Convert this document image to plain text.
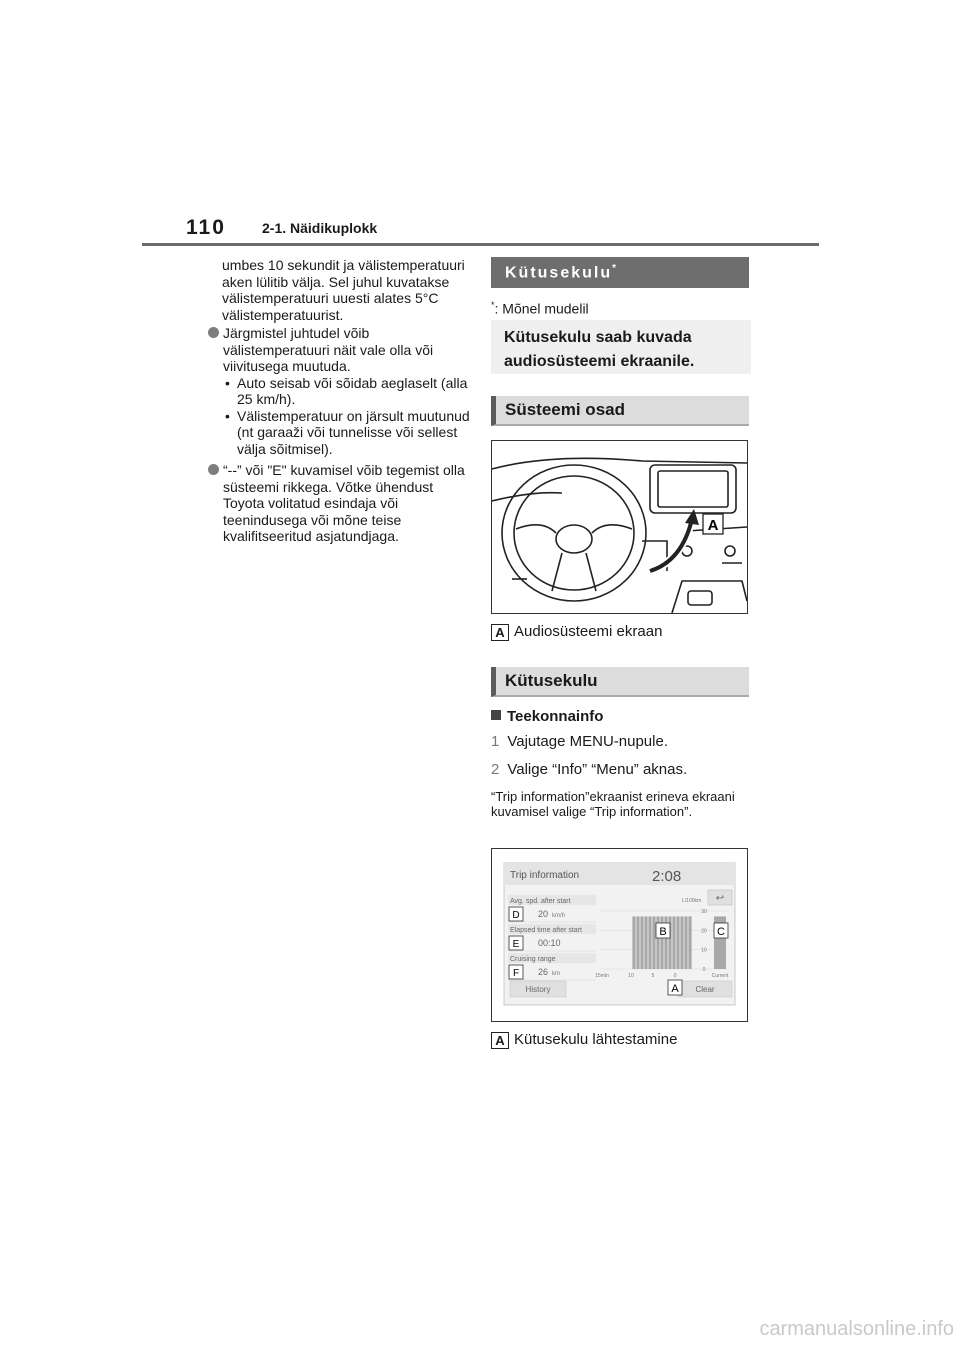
110	2-1. Näidikuplokk
umbes 10 sekundit ja välistemperatuuri aken lülitib välja. Sel juhul kuvatakse välistemperatuuri uuesti alates 5°C välistemperatuurist.
Järgmistel juhtudel võib välistemperatuuri näit vale olla või viivitusega muutuda.
• Auto seisab või sõidab aeglaselt (alla 25 km/h).
• Välistemperatuur on järsult muutunud (nt garaaži või tunnelisse või sellest välja sõitmisel).
“--” või "E" kuvamisel võib tegemist olla süsteemi rikkega. Võtke ühendust Toyota volitatud esindaja või teenindusega või mõne teise kvalifitseeritud asjatundjaga.
Kütusekulu*
*: Mõnel mudelil
Kütusekulu saab kuvada audiosüsteemi ekraanile.
Süsteemi osad
A
A Audiosüsteemi ekraan
Kütusekulu
Teekonnainfo
1 Vajutage MENU-nupule.
2 Valige “Info” “Menu” aknas.
“Trip information”ekraanist erineva ekraani kuvamisel valige “Trip information”.
Trip information	2:08
↩
L/100km
Avg. spd. after start
D 20 km/h
Elapsed time after start
E 00:10
Cruising range
F 26 km
30
20
10
0
15min	10	5	0	Current
History	Clear
A
B	C
A Kütusekulu lähtestamine
carmanualsonline.info
